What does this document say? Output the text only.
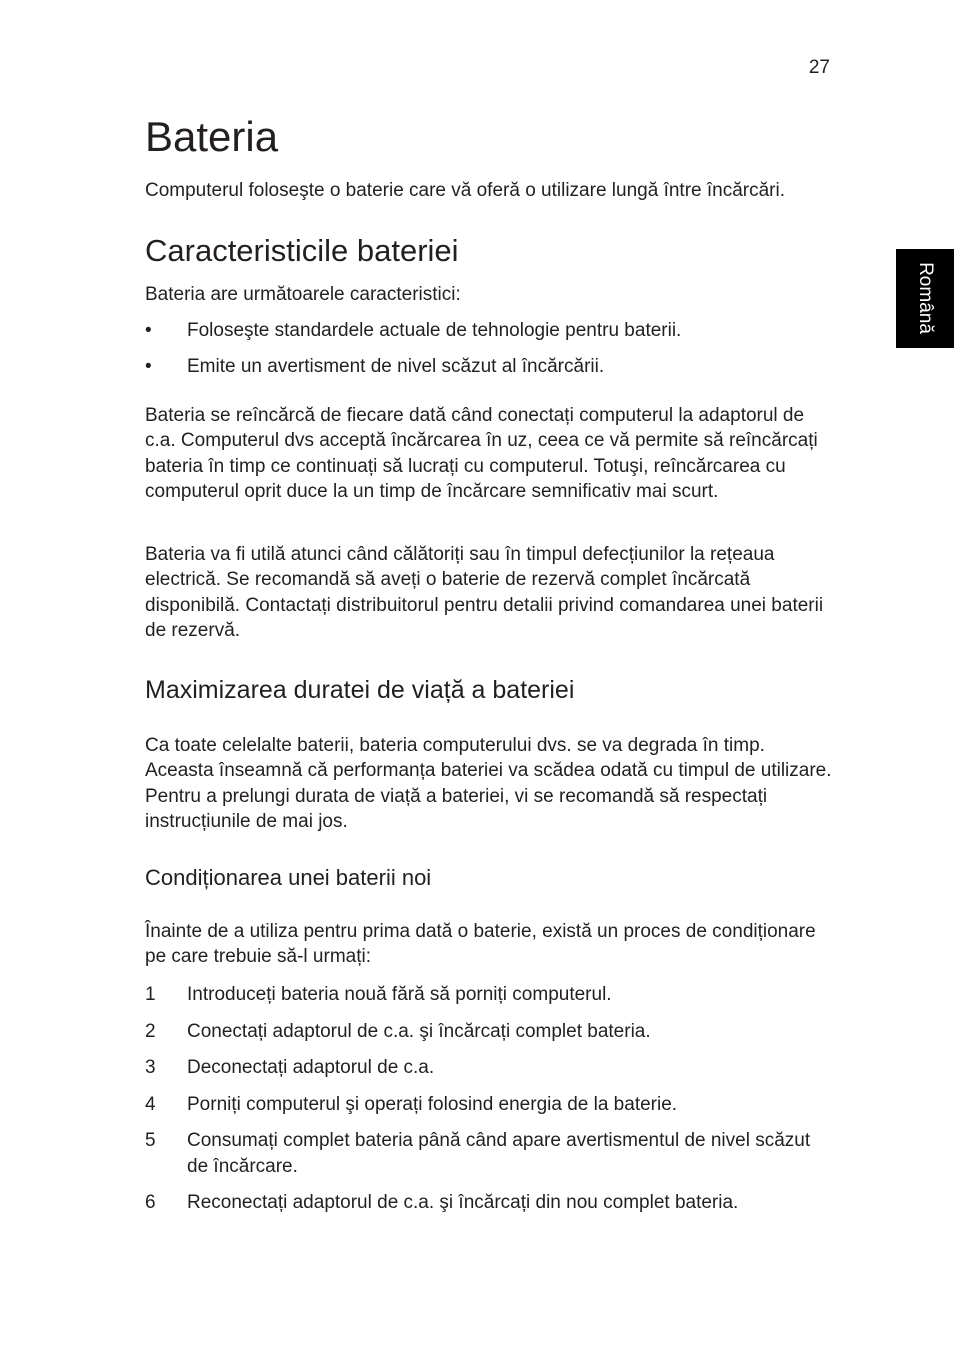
27
Română
Bateria

Computerul foloseşte o baterie care vă oferă o utilizare lungă între încărcări.

Caracteristicile bateriei

Bateria are următoarele caracteristici:

• Foloseşte standardele actuale de tehnologie pentru baterii.
• Emite un avertisment de nivel scăzut al încărcării.

Bateria se reîncărcă de fiecare dată când conectați computerul la adaptorul de c.a. Computerul dvs acceptă încărcarea în uz, ceea ce vă permite să reîncărcați bateria în timp ce continuați să lucrați cu computerul. Totuşi, reîncărcarea cu computerul oprit duce la un timp de încărcare semnificativ mai scurt.

Bateria va fi utilă atunci când călătoriți sau în timpul defecțiunilor la rețeaua electrică. Se recomandă să aveți o baterie de rezervă complet încărcată disponibilă. Contactați distribuitorul pentru detalii privind comandarea unei baterii de rezervă.

Maximizarea duratei de viață a bateriei

Ca toate celelalte baterii, bateria computerului dvs. se va degrada în timp. Aceasta înseamnă că performanța bateriei va scădea odată cu timpul de utilizare. Pentru a prelungi durata de viață a bateriei, vi se recomandă să respectați instrucțiunile de mai jos.

Condiționarea unei baterii noi

Înainte de a utiliza pentru prima dată o baterie, există un proces de condiționare pe care trebuie să-l urmați:

1 Introduceți bateria nouă fără să porniți computerul.
2 Conectați adaptorul de c.a. şi încărcați complet bateria.
3 Deconectați adaptorul de c.a.
4 Porniți computerul şi operați folosind energia de la baterie.
5 Consumați complet bateria până când apare avertismentul de nivel scăzut de încărcare.
6 Reconectați adaptorul de c.a. şi încărcați din nou complet bateria.
